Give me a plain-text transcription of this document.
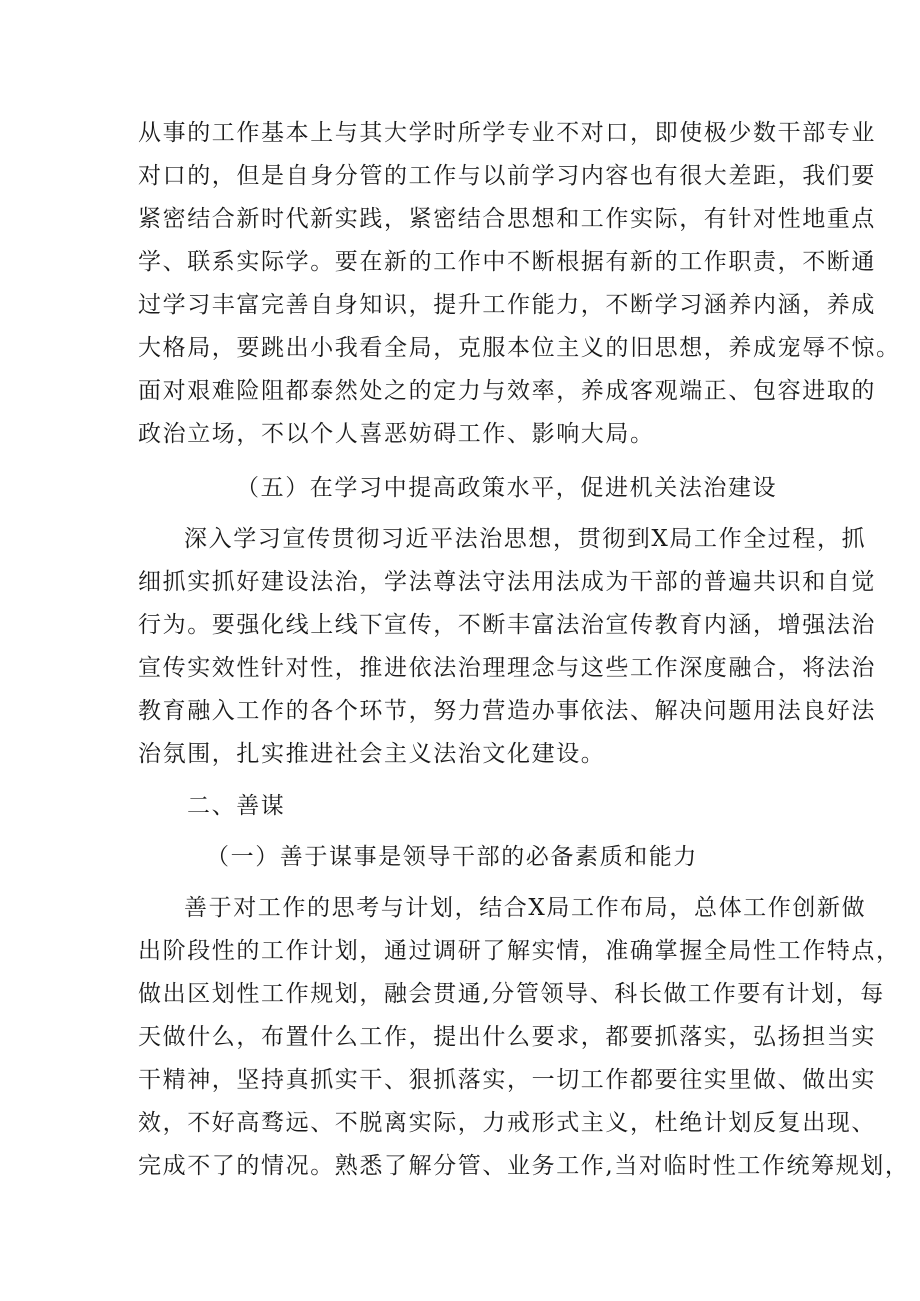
从事的工作基本上与其大学时所学专业不对口，即使极少数干部专业
对口的，但是自身分管的工作与以前学习内容也有很大差距，我们要
紧密结合新时代新实践，紧密结合思想和工作实际，有针对性地重点
学、联系实际学。要在新的工作中不断根据有新的工作职责，不断通
过学习丰富完善自身知识，提升工作能力，不断学习涵养内涵，养成
大格局，要跳出小我看全局，克服本位主义的旧思想，养成宠辱不惊。
面对艰难险阻都泰然处之的定力与效率，养成客观端正、包容进取的
政治立场，不以个人喜恶妨碍工作、影响大局。
（五）在学习中提高政策水平，促进机关法治建设
深入学习宣传贯彻习近平法治思想，贯彻到X局工作全过程，抓
细抓实抓好建设法治，学法尊法守法用法成为干部的普遍共识和自觉
行为。要强化线上线下宣传，不断丰富法治宣传教育内涵，增强法治
宣传实效性针对性，推进依法治理理念与这些工作深度融合，将法治
教育融入工作的各个环节，努力营造办事依法、解决问题用法良好法
治氛围，扎实推进社会主义法治文化建设。
二、善谋
（一）善于谋事是领导干部的必备素质和能力
善于对工作的思考与计划，结合X局工作布局，总体工作创新做
出阶段性的工作计划，通过调研了解实情，准确掌握全局性工作特点，
做出区划性工作规划，融会贯通,分管领导、科长做工作要有计划，每
天做什么，布置什么工作，提出什么要求，都要抓落实，弘扬担当实
干精神，坚持真抓实干、狠抓落实，一切工作都要往实里做、做出实
效，不好高骛远、不脱离实际，力戒形式主义，杜绝计划反复出现、
完成不了的情况。熟悉了解分管、业务工作,当对临时性工作统筹规划，
